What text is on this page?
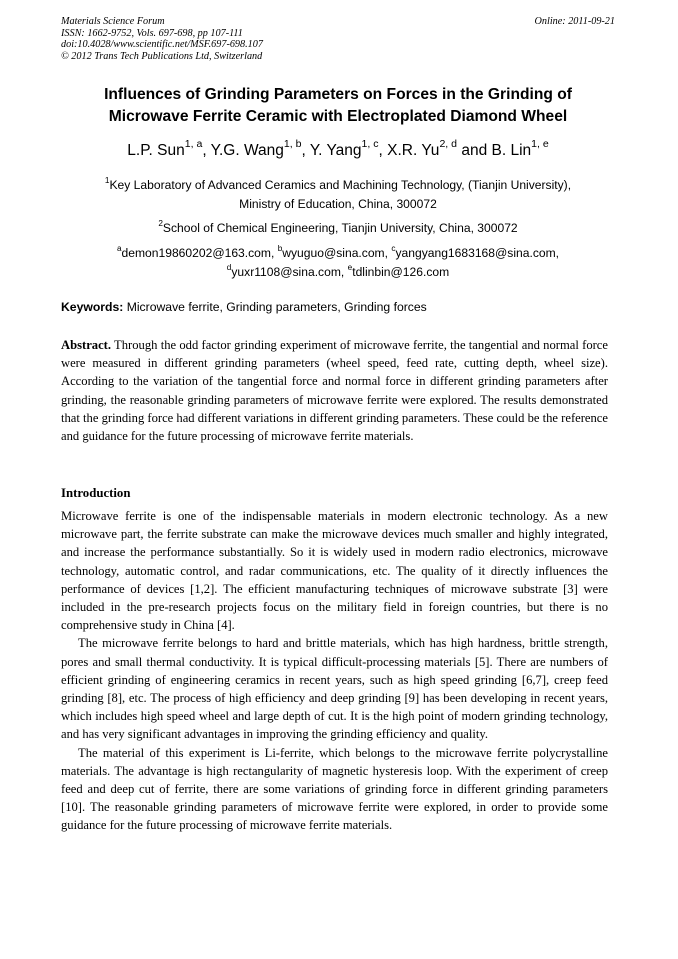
Materials Science Forum
ISSN: 1662-9752, Vols. 697-698, pp 107-111
doi:10.4028/www.scientific.net/MSF.697-698.107
© 2012 Trans Tech Publications Ltd, Switzerland
Online: 2011-09-21
Influences of Grinding Parameters on Forces in the Grinding of
Microwave Ferrite Ceramic with Electroplated Diamond Wheel
L.P. Sun$^{1, a}$, Y.G. Wang$^{1, b}$, Y. Yang$^{1, c}$, X.R. Yu$^{2, d}$ and B. Lin$^{1, e}$
$^1$Key Laboratory of Advanced Ceramics and Machining Technology, (Tianjin University),
Ministry of Education, China, 300072
$^2$School of Chemical Engineering, Tianjin University, China, 300072
$^a$demon19860202@163.com, $^b$wyuguo@sina.com, $^c$yangyang1683168@sina.com,
$^d$yuxr1108@sina.com, $^e$tdlinbin@126.com
Keywords: Microwave ferrite, Grinding parameters, Grinding forces
Abstract. Through the odd factor grinding experiment of microwave ferrite, the tangential and normal force were measured in different grinding parameters (wheel speed, feed rate, cutting depth, wheel size). According to the variation of the tangential force and normal force in different grinding parameters after grinding, the reasonable grinding parameters of microwave ferrite were explored. The results demonstrated that the grinding force had different variations in different grinding parameters. These could be the reference and guidance for the future processing of microwave ferrite materials.
Introduction

Microwave ferrite is one of the indispensable materials in modern electronic technology. As a new microwave part, the ferrite substrate can make the microwave devices much smaller and highly integrated, and increase the performance substantially. So it is widely used in modern radio electronics, microwave technology, automatic control, and radar communications, etc. The quality of it directly influences the performance of devices [1,2]. The efficient manufacturing techniques of microwave substrate [3] were included in the pre-research projects focus on the military field in foreign countries, but there is no comprehensive study in China [4].

The microwave ferrite belongs to hard and brittle materials, which has high hardness, brittle strength, pores and small thermal conductivity. It is typical difficult-processing materials [5]. There are numbers of efficient grinding of engineering ceramics in recent years, such as high speed grinding [6,7], creep feed grinding [8], etc. The process of high efficiency and deep grinding [9] has been developing in recent years, which includes high speed wheel and large depth of cut. It is the high point of modern grinding technology, and has very significant advantages in improving the grinding efficiency and quality.

The material of this experiment is Li-ferrite, which belongs to the microwave ferrite polycrystalline materials. The advantage is high rectangularity of magnetic hysteresis loop. With the experiment of creep feed and deep cut of ferrite, there are some variations of grinding force in different grinding parameters [10]. The reasonable grinding parameters of microwave ferrite were explored, in order to provide some guidance for the future processing of microwave ferrite materials.
